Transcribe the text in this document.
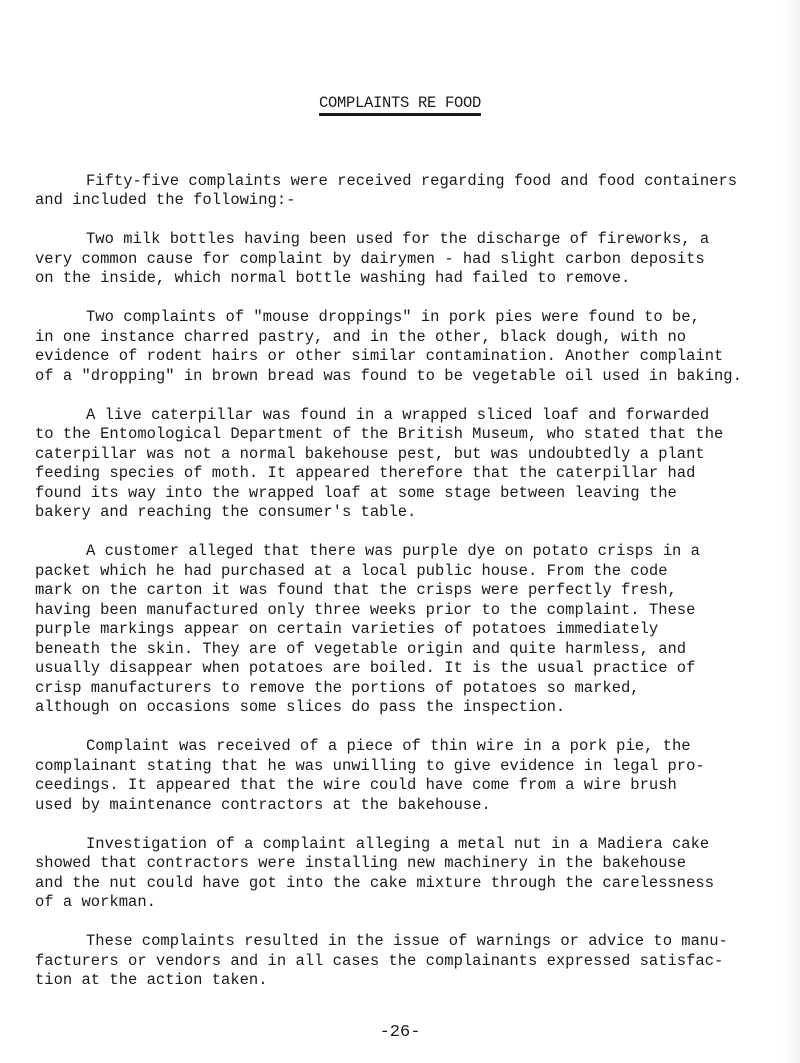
COMPLAINTS RE FOOD

Fifty-five complaints were received regarding food and food containers
and included the following:-

Two milk bottles having been used for the discharge of fireworks, a
very common cause for complaint by dairymen - had slight carbon deposits
on the inside, which normal bottle washing had failed to remove.

Two complaints of "mouse droppings" in pork pies were found to be,
in one instance charred pastry, and in the other, black dough, with no
evidence of rodent hairs or other similar contamination. Another complaint
of a "dropping" in brown bread was found to be vegetable oil used in baking.

A live caterpillar was found in a wrapped sliced loaf and forwarded
to the Entomological Department of the British Museum, who stated that the
caterpillar was not a normal bakehouse pest, but was undoubtedly a plant
feeding species of moth. It appeared therefore that the caterpillar had
found its way into the wrapped loaf at some stage between leaving the
bakery and reaching the consumer's table.

A customer alleged that there was purple dye on potato crisps in a
packet which he had purchased at a local public house. From the code
mark on the carton it was found that the crisps were perfectly fresh,
having been manufactured only three weeks prior to the complaint. These
purple markings appear on certain varieties of potatoes immediately
beneath the skin. They are of vegetable origin and quite harmless, and
usually disappear when potatoes are boiled. It is the usual practice of
crisp manufacturers to remove the portions of potatoes so marked,
although on occasions some slices do pass the inspection.

Complaint was received of a piece of thin wire in a pork pie, the
complainant stating that he was unwilling to give evidence in legal pro-
ceedings. It appeared that the wire could have come from a wire brush
used by maintenance contractors at the bakehouse.

Investigation of a complaint alleging a metal nut in a Madiera cake
showed that contractors were installing new machinery in the bakehouse
and the nut could have got into the cake mixture through the carelessness
of a workman.

These complaints resulted in the issue of warnings or advice to manu-
facturers or vendors and in all cases the complainants expressed satisfac-
tion at the action taken.

-26-
